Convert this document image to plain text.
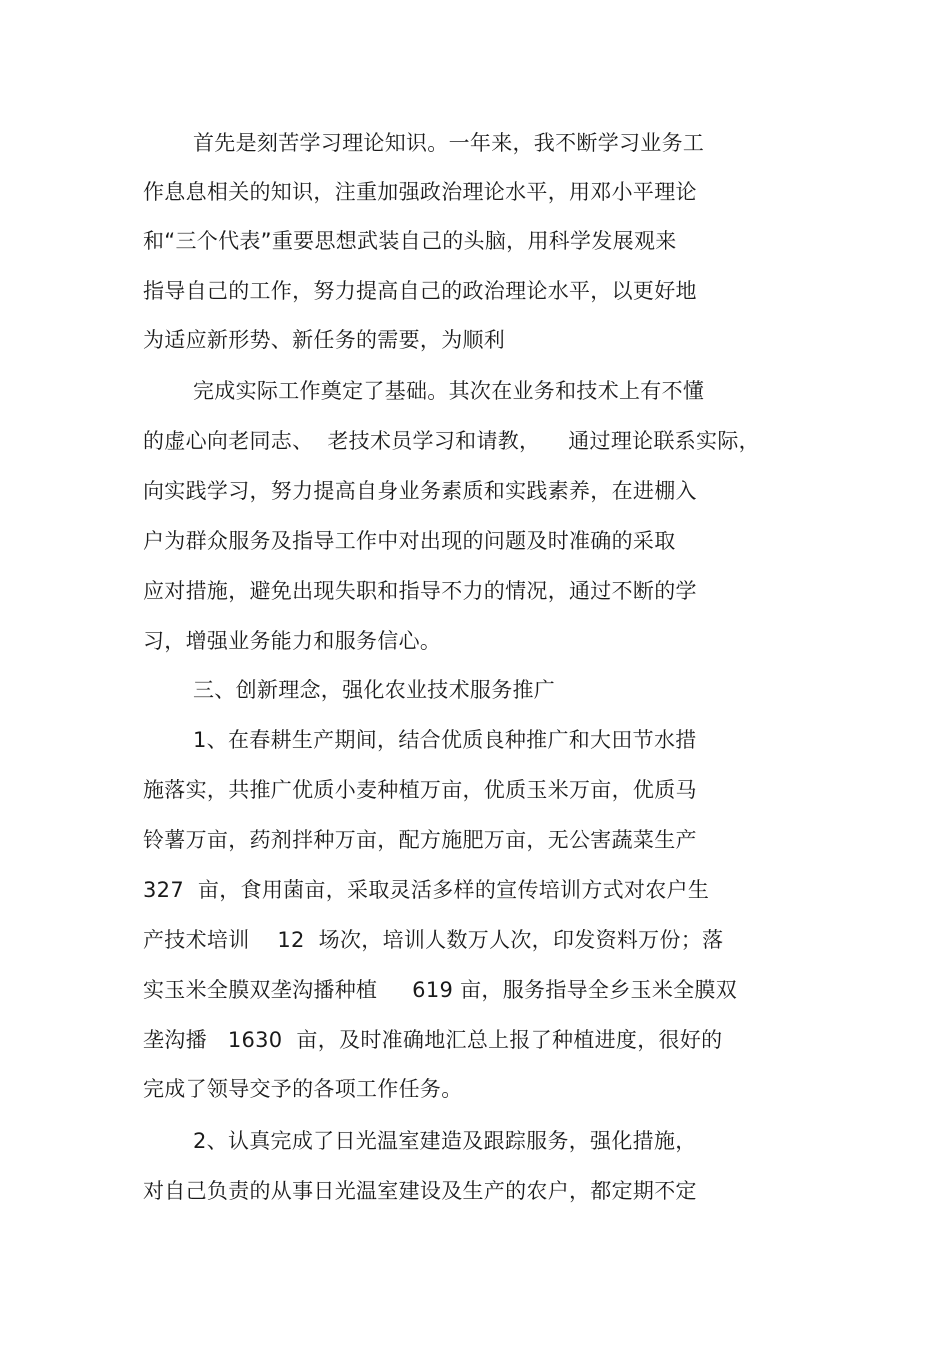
首先是刻苦学习理论知识。一年来，我不断学习业务工
作息息相关的知识，注重加强政治理论水平，用邓小平理论
和“三个代表”重要思想武装自己的头脑，用科学发展观来
指导自己的工作，努力提高自己的政治理论水平，以更好地
为适应新形势、新任务的需要，为顺利
完成实际工作奠定了基础。其次在业务和技术上有不懂
的虚心向老同志、  老技术员学习和请教，    通过理论联系实际，
向实践学习，努力提高自身业务素质和实践素养，在进棚入
户为群众服务及指导工作中对出现的问题及时准确的采取
应对措施，避免出现失职和指导不力的情况，通过不断的学
习，增强业务能力和服务信心。
三、创新理念，强化农业技术服务推广
1、在春耕生产期间，结合优质良种推广和大田节水措
施落实，共推广优质小麦种植万亩，优质玉米万亩，优质马
铃薯万亩，药剂拌种万亩，配方施肥万亩，无公害蔬菜生产
327  亩，食用菌亩，采取灵活多样的宣传培训方式对农户生
产技术培训    12  场次，培训人数万人次，印发资料万份；落
实玉米全膜双垄沟播种植     619 亩，服务指导全乡玉米全膜双
垄沟播   1630  亩，及时准确地汇总上报了种植进度，很好的
完成了领导交予的各项工作任务。
2、认真完成了日光温室建造及跟踪服务，强化措施，
对自己负责的从事日光温室建设及生产的农户，都定期不定
